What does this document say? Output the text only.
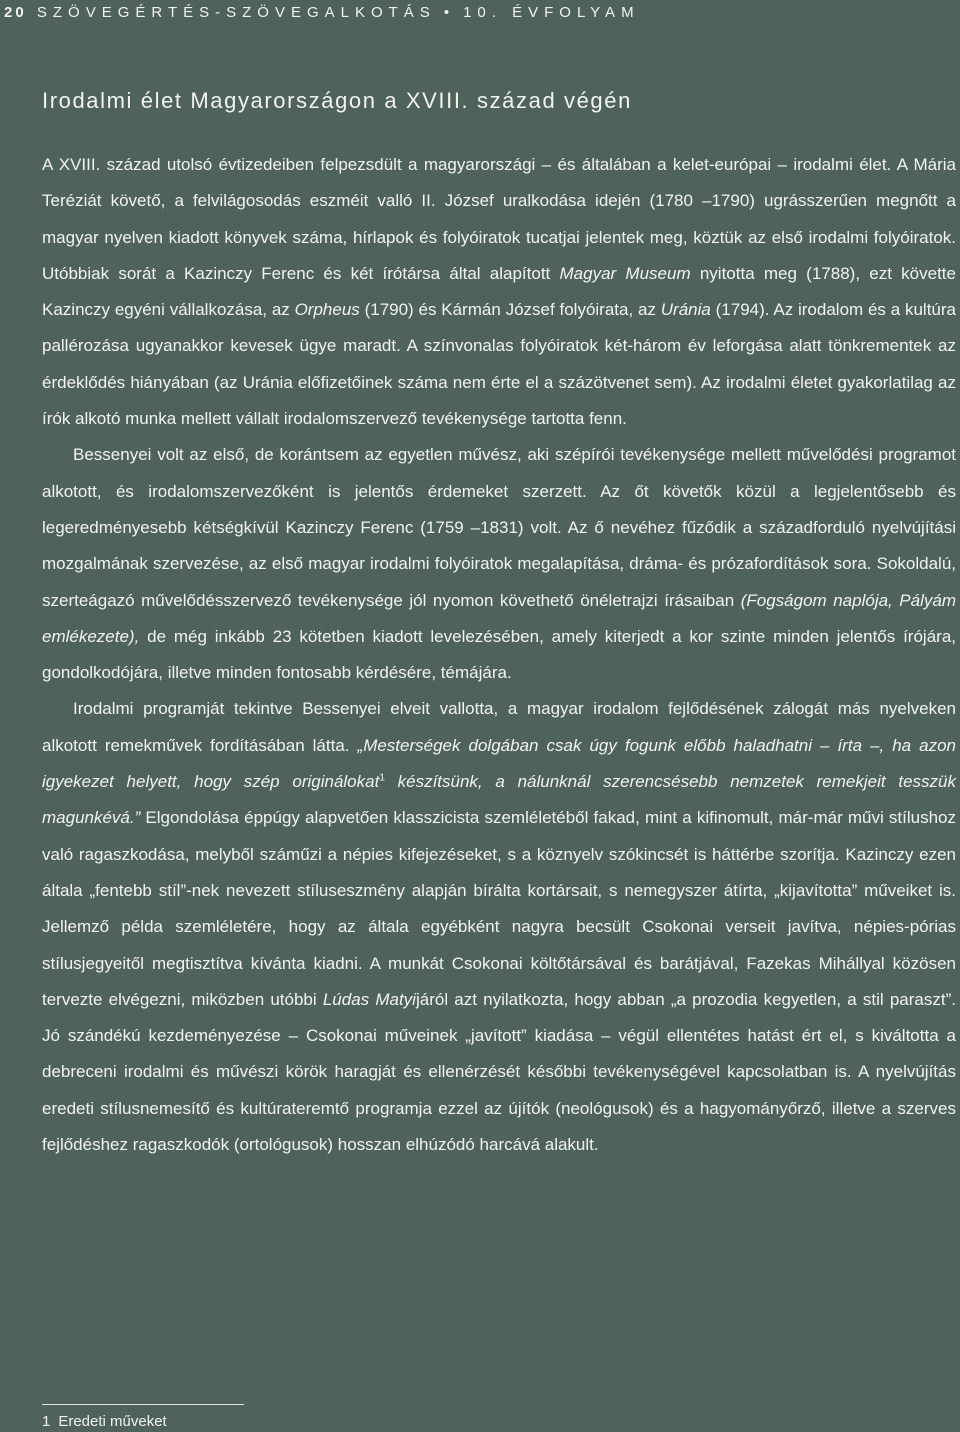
20 SZÖVEGÉRTÉS-SZÖVEGALKOTÁS • 10. ÉVFOLYAM
Irodalmi élet Magyarországon a XVIII. század végén

A XVIII. század utolsó évtizedeiben felpezsdült a magyarországi – és általában a kelet-európai – irodalmi élet. A Mária Teréziát követő, a felvilágosodás eszméit valló II. József uralkodása idején (1780 –1790) ugrásszerűen megnőtt a magyar nyelven kiadott könyvek száma, hírlapok és folyóiratok tucatjai jelentek meg, köztük az első irodalmi folyóiratok. Utóbbiak sorát a Kazinczy Ferenc és két írótársa által alapított Magyar Museum nyitotta meg (1788), ezt követte Kazinczy egyéni vállalkozása, az Orpheus (1790) és Kármán József folyóirata, az Uránia (1794). Az irodalom és a kultúra pallérozása ugyanakkor kevesek ügye maradt. A színvonalas folyóiratok két-három év leforgása alatt tönkrementek az érdeklődés hiányában (az Uránia előfizetőinek száma nem érte el a százötvenet sem). Az irodalmi életet gyakorlatilag az írók alkotó munka mellett vállalt irodalomszervező tevékenysége tartotta fenn.

Bessenyei volt az első, de korántsem az egyetlen művész, aki szépírói tevékenysége mellett művelődési programot alkotott, és irodalomszervezőként is jelentős érdemeket szerzett. Az őt követők közül a legjelentősebb és legeredményesebb kétségkívül Kazinczy Ferenc (1759 –1831) volt. Az ő nevéhez fűződik a századforduló nyelvújítási mozgalmának szervezése, az első magyar irodalmi folyóiratok megalapítása, dráma- és prózafordítások sora. Sokoldalú, szerteágazó művelődésszervező tevékenysége jól nyomon követhető önéletrajzi írásaiban (Fogságom naplója, Pályám emlékezete), de még inkább 23 kötetben kiadott levelezésében, amely kiterjedt a kor szinte minden jelentős írójára, gondolkodójára, illetve minden fontosabb kérdésére, témájára.

Irodalmi programját tekintve Bessenyei elveit vallotta, a magyar irodalom fejlődésének zálogát más nyelveken alkotott remekművek fordításában látta. „Mesterségek dolgában csak úgy fogunk előbb haladhatni – írta –, ha azon igyekezet helyett, hogy szép originálokat$^1$ készítsünk, a nálunknál szerencsésebb nemzetek remekjeit tesszük magunkévá.” Elgondolása éppúgy alapvetően klasszicista szemléletéből fakad, mint a kifinomult, már-már művi stílushoz való ragaszkodása, melyből száműzi a népies kifejezéseket, s a köznyelv szókincsét is háttérbe szorítja. Kazinczy ezen általa „fentebb stíl”-nek nevezett stíluseszmény alapján bírálta kortársait, s nemegyszer átírta, „kijavította” műveiket is. Jellemző példa szemléletére, hogy az általa egyébként nagyra becsült Csokonai verseit javítva, népies-pórias stílusjegyeitől megtisztítva kívánta kiadni. A munkát Csokonai költőtársával és barátjával, Fazekas Mihállyal közösen tervezte elvégezni, miközben utóbbi Lúdas Matyijáról azt nyilatkozta, hogy abban „a prozodia kegyetlen, a stil paraszt”. Jó szándékú kezdeményezése – Csokonai műveinek „javított” kiadása – végül ellentétes hatást ért el, s kiváltotta a debreceni irodalmi és művészi körök haragját és ellenérzését későbbi tevékenységével kapcsolatban is. A nyelvújítás eredeti stílusnemesítő és kultúrateremtő programja ezzel az újítók (neológusok) és a hagyományőrző, illetve a szerves fejlődéshez ragaszkodók (ortológusok) hosszan elhúzódó harcává alakult.

1 Eredeti műveket
